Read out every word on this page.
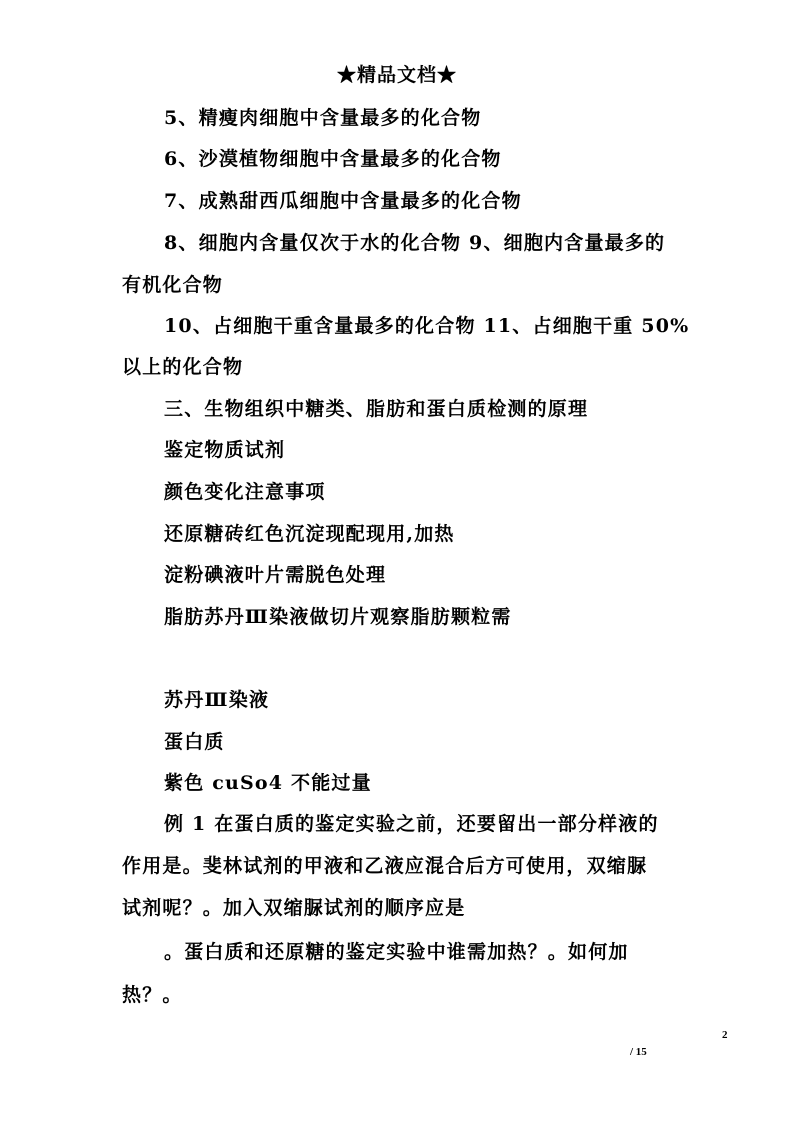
★精品文档★
5、精瘦肉细胞中含量最多的化合物
6、沙漠植物细胞中含量最多的化合物
7、成熟甜西瓜细胞中含量最多的化合物
8、细胞内含量仅次于水的化合物 9、细胞内含量最多的
有机化合物
10、占细胞干重含量最多的化合物 11、占细胞干重 50%
以上的化合物
三、生物组织中糖类、脂肪和蛋白质检测的原理
鉴定物质试剂
颜色变化注意事项
还原糖砖红色沉淀现配现用,加热
淀粉碘液叶片需脱色处理
脂肪苏丹Ⅲ染液做切片观察脂肪颗粒需
苏丹Ⅲ染液
蛋白质
紫色 cuSo4 不能过量
例 1 在蛋白质的鉴定实验之前，还要留出一部分样液的
作用是。斐林试剂的甲液和乙液应混合后方可使用，双缩脲
试剂呢？。加入双缩脲试剂的顺序应是
。蛋白质和还原糖的鉴定实验中谁需加热？。如何加
热？。
2
/ 15
